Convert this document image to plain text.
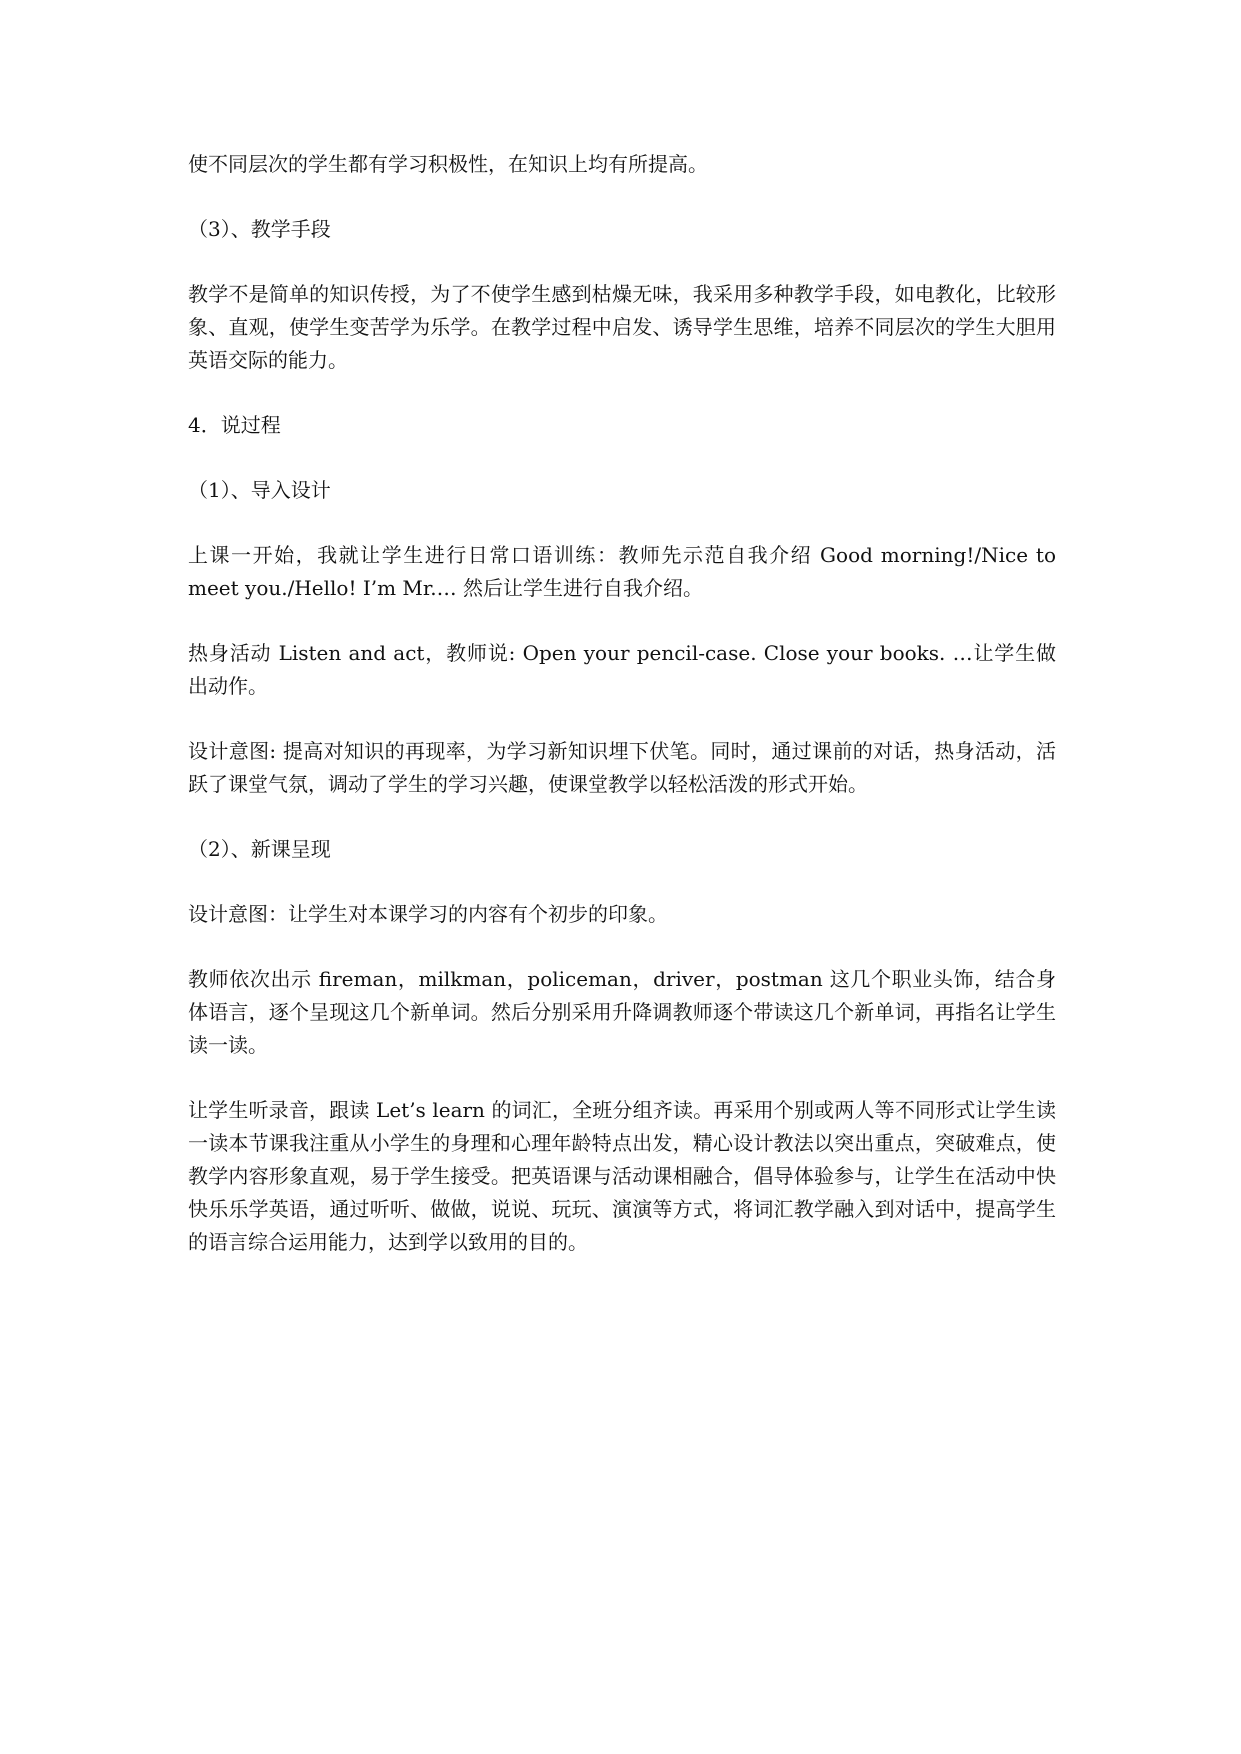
使不同层次的学生都有学习积极性，在知识上均有所提高。

（3）、教学手段

教学不是简单的知识传授，为了不使学生感到枯燥无味，我采用多种教学手段，如电教化，比较形象、直观，使学生变苦学为乐学。在教学过程中启发、诱导学生思维，培养不同层次的学生大胆用英语交际的能力。

4．说过程

（1）、导入设计

上课一开始，我就让学生进行日常口语训练：教师先示范自我介绍 Good morning!/Nice to meet you./Hello! I’m Mr.… 然后让学生进行自我介绍。

热身活动 Listen and act，教师说: Open your pencil-case. Close your books. …让学生做出动作。

设计意图: 提高对知识的再现率，为学习新知识埋下伏笔。同时，通过课前的对话，热身活动，活跃了课堂气氛，调动了学生的学习兴趣，使课堂教学以轻松活泼的形式开始。

（2）、新课呈现

设计意图：让学生对本课学习的内容有个初步的印象。

教师依次出示 fireman，milkman，policeman，driver，postman 这几个职业头饰，结合身体语言，逐个呈现这几个新单词。然后分别采用升降调教师逐个带读这几个新单词，再指名让学生读一读。

让学生听录音，跟读 Let’s learn 的词汇，全班分组齐读。再采用个别或两人等不同形式让学生读一读本节课我注重从小学生的身理和心理年龄特点出发，精心设计教法以突出重点，突破难点，使教学内容形象直观，易于学生接受。把英语课与活动课相融合，倡导体验参与，让学生在活动中快快乐乐学英语，通过听听、做做，说说、玩玩、演演等方式，将词汇教学融入到对话中，提高学生的语言综合运用能力，达到学以致用的目的。
